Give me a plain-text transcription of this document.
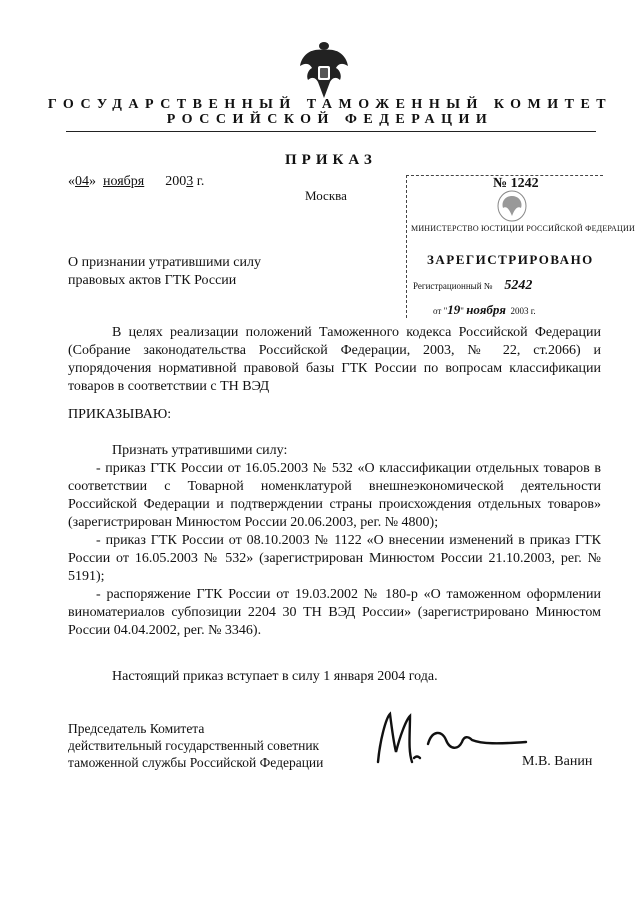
ГОСУДАРСТВЕННЫЙ ТАМОЖЕННЫЙ КОМИТЕТ
РОССИЙСКОЙ ФЕДЕРАЦИИ
ПРИКАЗ
«04» ноября 2003 г.
Москва
О признании утратившими силу
правовых актов ГТК России
№ 1242
МИНИСТЕРСТВО ЮСТИЦИИ РОССИЙСКОЙ ФЕДЕРАЦИИ
ЗАРЕГИСТРИРОВАНО
Регистрационный № 5242
от "19" ноября 2003 г.

В целях реализации положений Таможенного кодекса Российской Федерации (Собрание законодательства Российской Федерации, 2003, № 22, ст.2066) и упорядочения нормативной правовой базы ГТК России по вопросам классификации товаров в соответствии с ТН ВЭД

ПРИКАЗЫВАЮ:
Признать утратившими силу:
- приказ ГТК России от 16.05.2003 № 532 «О классификации отдельных товаров в соответствии с Товарной номенклатурой внешнеэкономической деятельности Российской Федерации и подтверждении страны происхождения отдельных товаров» (зарегистрирован Минюстом России 20.06.2003, рег. № 4800);
- приказ ГТК России от 08.10.2003 № 1122 «О внесении изменений в приказ ГТК России от 16.05.2003 № 532» (зарегистрирован Минюстом России 21.10.2003, рег. № 5191);
- распоряжение ГТК России от 19.03.2002 № 180-р «О таможенном оформлении виноматериалов субпозиции 2204 30 ТН ВЭД России» (зарегистрировано Минюстом России 04.04.2002, рег. № 3346).

Настоящий приказ вступает в силу 1 января 2004 года.

Председатель Комитета
действительный государственный советник
таможенной службы Российской Федерации	М.В. Ванин
